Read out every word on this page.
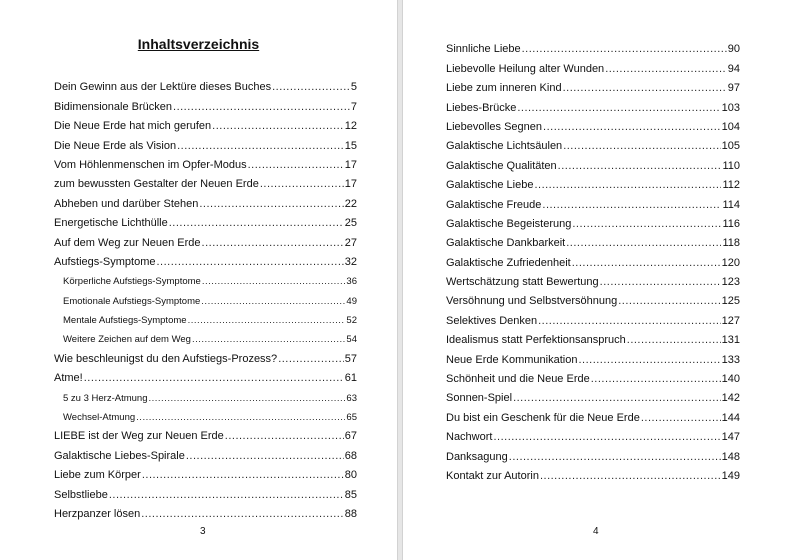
Inhaltsverzeichnis
Dein Gewinn aus der Lektüre dieses Buches .....	5
Bidimensionale Brücken .....	7
Die Neue Erde hat mich gerufen .....	12
Die Neue Erde als Vision .....	15
Vom Höhlenmenschen im Opfer-Modus .....	17
zum bewussten Gestalter der Neuen Erde .....	17
Abheben und darüber Stehen .....	22
Energetische Lichthülle .....	25
Auf dem Weg zur Neuen Erde .....	27
Aufstiegs-Symptome .....	32
Körperliche Aufstiegs-Symptome .....	36
Emotionale Aufstiegs-Symptome .....	49
Mentale Aufstiegs-Symptome .....	52
Weitere Zeichen auf dem Weg .....	54
Wie beschleunigst du den Aufstiegs-Prozess? .....	57
Atme! .....	61
5 zu 3 Herz-Atmung .....	63
Wechsel-Atmung .....	65
LIEBE ist der Weg zur Neuen Erde .....	67
Galaktische Liebes-Spirale .....	68
Liebe zum Körper .....	80
Selbstliebe .....	85
Herzpanzer lösen .....	88
3
Sinnliche Liebe .....	90
Liebevolle Heilung alter Wunden .....	94
Liebe zum inneren Kind .....	97
Liebes-Brücke .....	103
Liebevolles Segnen .....	104
Galaktische Lichtsäulen .....	105
Galaktische Qualitäten .....	110
Galaktische Liebe .....	112
Galaktische Freude .....	114
Galaktische Begeisterung .....	116
Galaktische Dankbarkeit .....	118
Galaktische Zufriedenheit .....	120
Wertschätzung statt Bewertung .....	123
Versöhnung und Selbstversöhnung .....	125
Selektives Denken .....	127
Idealismus statt Perfektionsanspruch .....	131
Neue Erde Kommunikation .....	133
Schönheit und die Neue Erde .....	140
Sonnen-Spiel .....	142
Du bist ein Geschenk für die Neue Erde .....	144
Nachwort .....	147
Danksagung .....	148
Kontakt zur Autorin .....	149
4
